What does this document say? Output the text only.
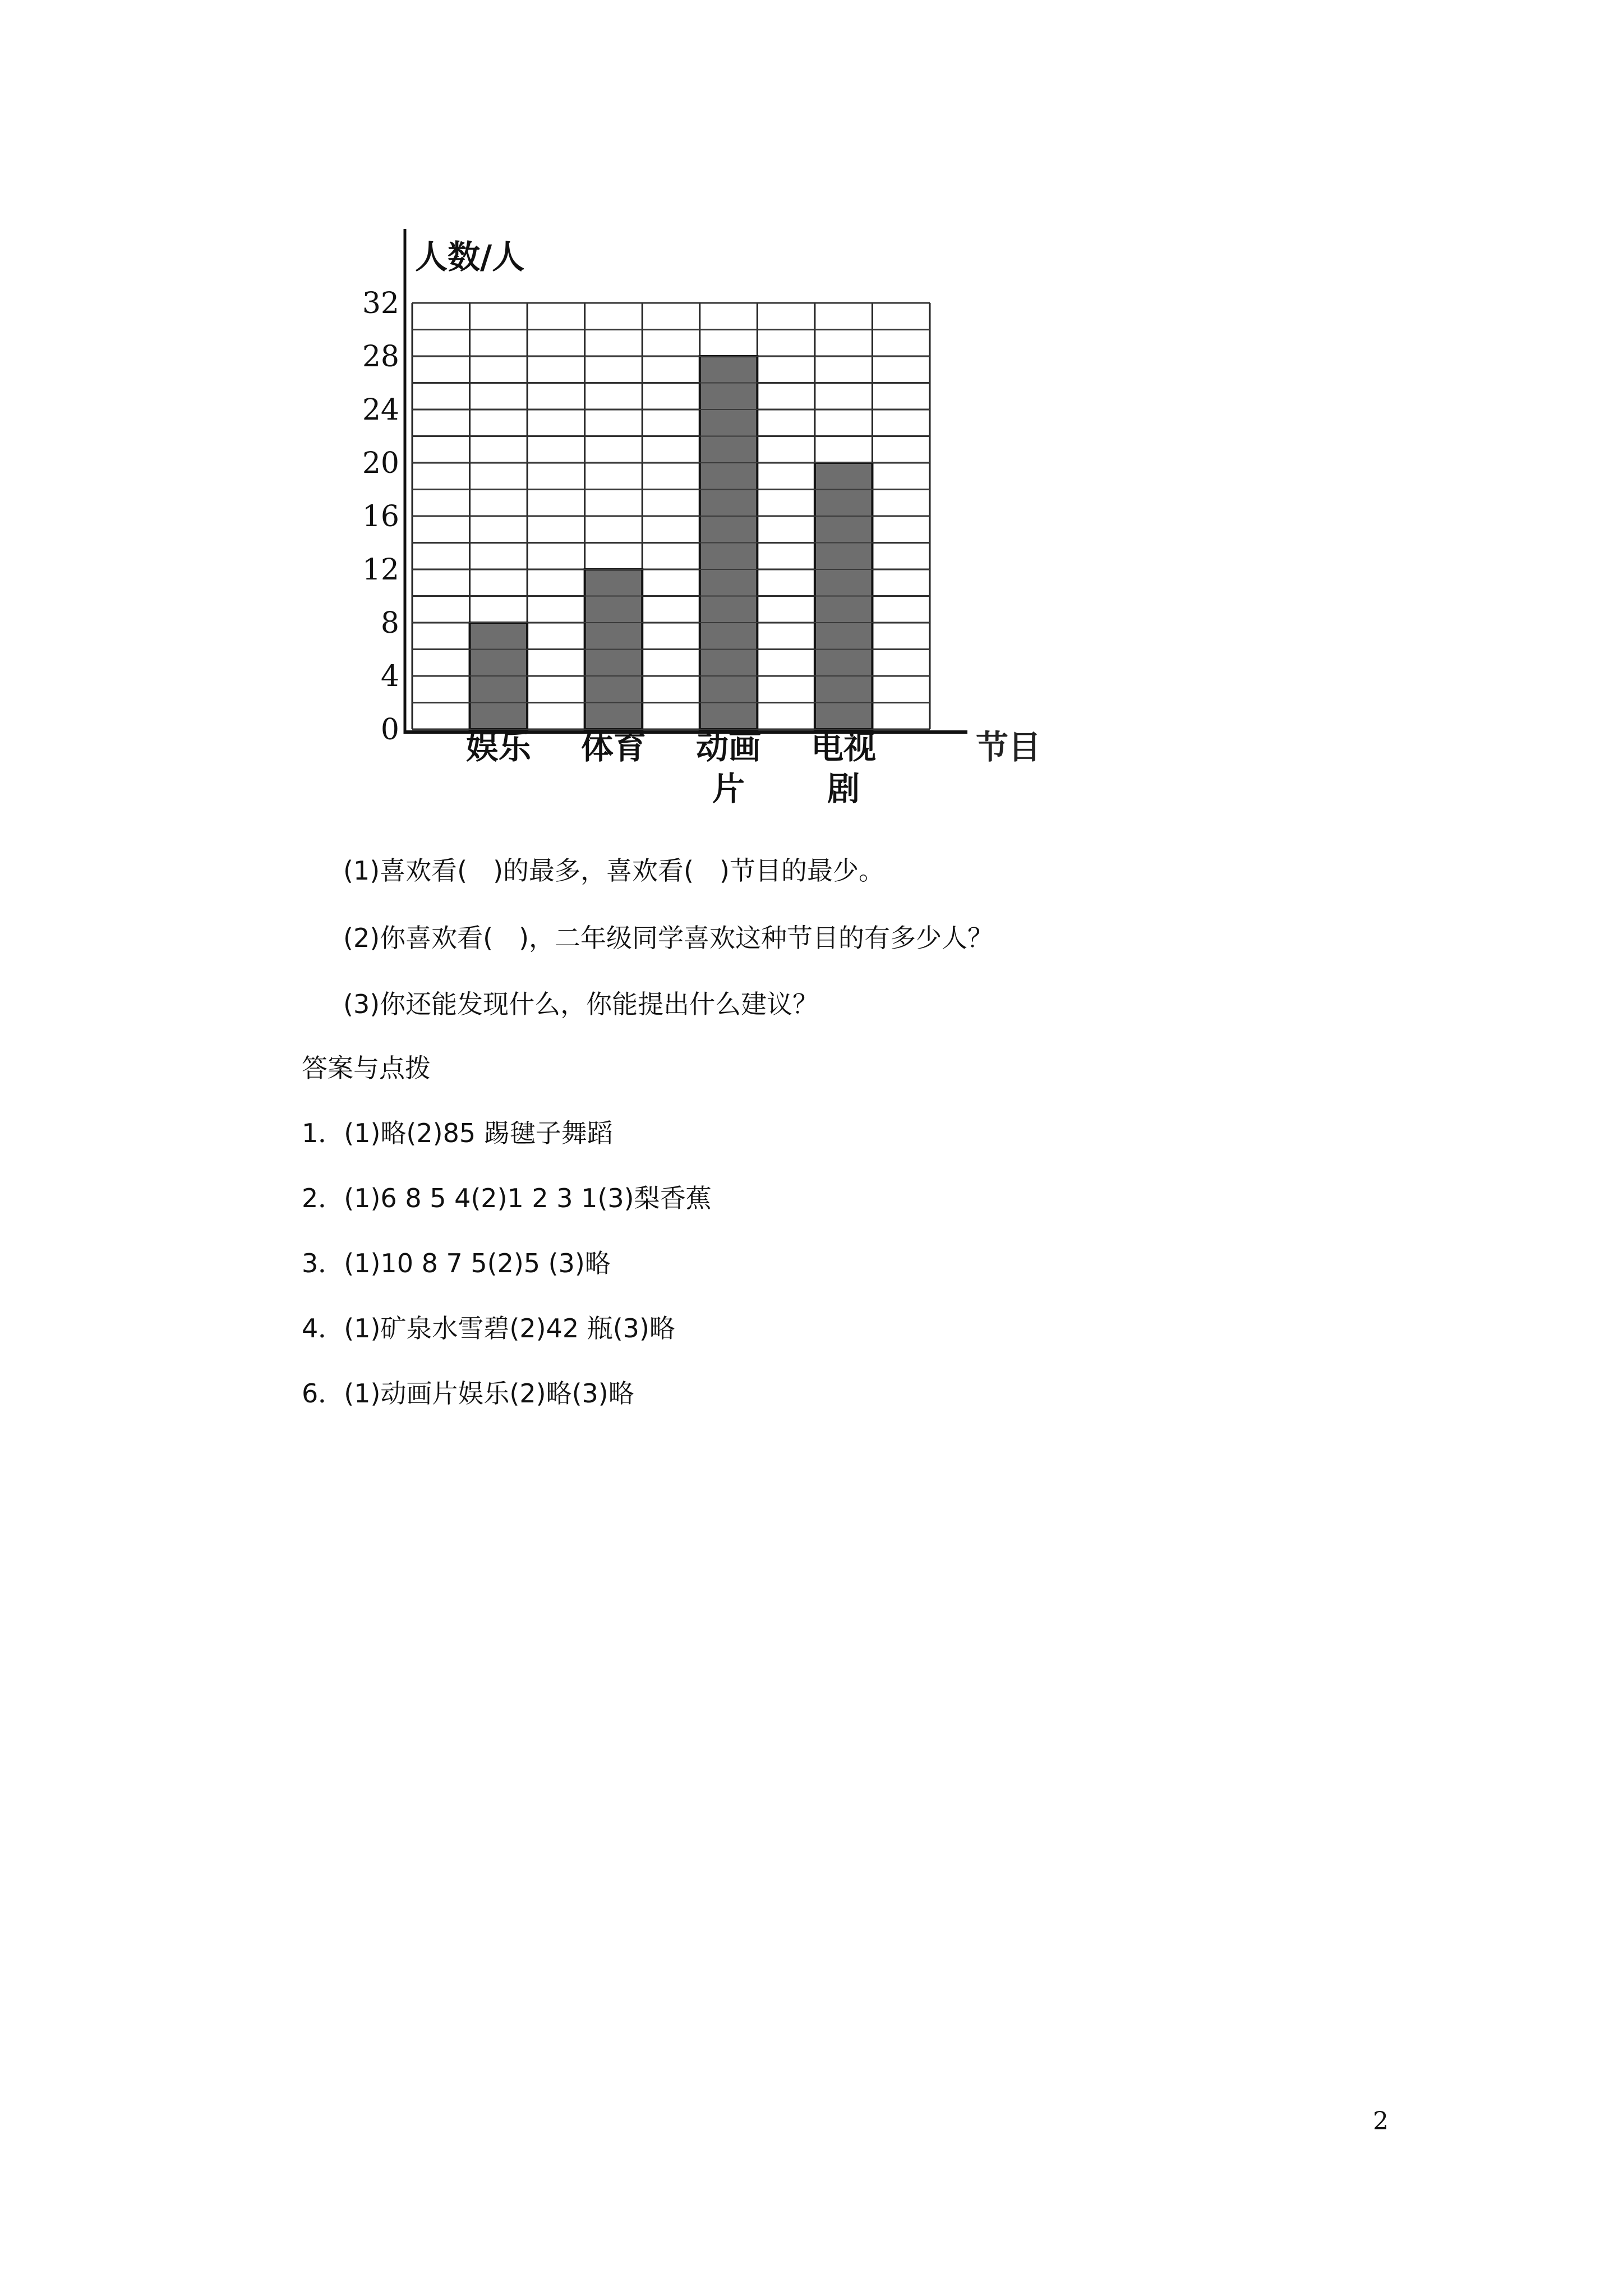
人数/人
0
4
8
12
16
20
24
28
32
娱乐 体育 动画
片
电视
剧
节目
(1)喜欢看(　)的最多，喜欢看(　)节目的最少。
(2)你喜欢看(　)，二年级同学喜欢这种节目的有多少人？
(3)你还能发现什么，你能提出什么建议？
答案与点拨
1．(1)略(2)85 踢毽子舞蹈
2．(1)6 8 5 4(2)1 2 3 1(3)梨香蕉
3．(1)10 8 7 5(2)5 (3)略
4．(1)矿泉水雪碧(2)42 瓶(3)略
6．(1)动画片娱乐(2)略(3)略
2
